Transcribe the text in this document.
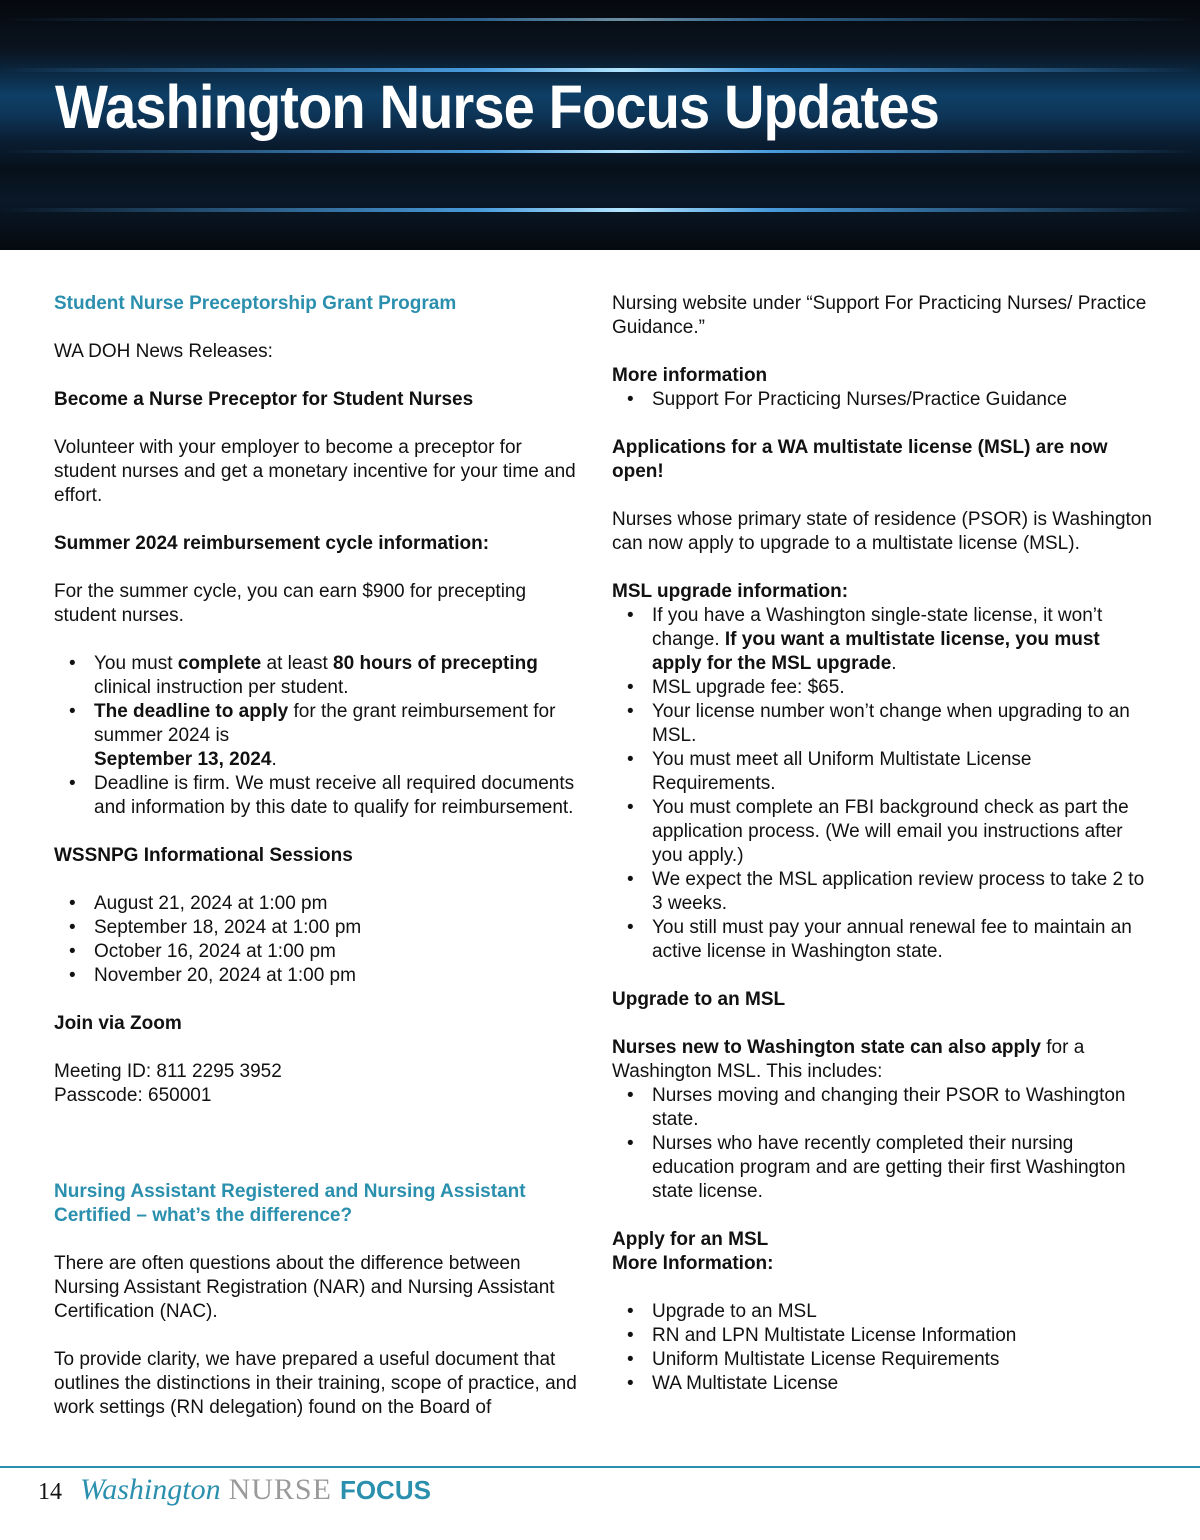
Washington Nurse Focus Updates

Student Nurse Preceptorship Grant Program

WA DOH News Releases:

Become a Nurse Preceptor for Student Nurses

Volunteer with your employer to become a preceptor for student nurses and get a monetary incentive for your time and effort.

Summer 2024 reimbursement cycle information:

For the summer cycle, you can earn $900 for precepting student nurses.

• You must complete at least 80 hours of precepting clinical instruction per student.
• The deadline to apply for the grant reimbursement for summer 2024 is
September 13, 2024.
• Deadline is firm. We must receive all required documents and information by this date to qualify for reimbursement.

WSSNPG Informational Sessions

• August 21, 2024 at 1:00 pm
• September 18, 2024 at 1:00 pm
• October 16, 2024 at 1:00 pm
• November 20, 2024 at 1:00 pm

Join via Zoom

Meeting ID: 811 2295 3952

Passcode: 650001

Nursing Assistant Registered and Nursing Assistant Certified – what’s the difference?

There are often questions about the difference between Nursing Assistant Registration (NAR) and Nursing Assistant Certification (NAC).

To provide clarity, we have prepared a useful document that outlines the distinctions in their training, scope of practice, and work settings (RN delegation) found on the Board of

Nursing website under “Support For Practicing Nurses/ Practice Guidance.”

More information

• Support For Practicing Nurses/Practice Guidance

Applications for a WA multistate license (MSL) are now open!

Nurses whose primary state of residence (PSOR) is Washington can now apply to upgrade to a multistate license (MSL).

MSL upgrade information:

• If you have a Washington single-state license, it won’t change. If you want a multistate license, you must apply for the MSL upgrade.
• MSL upgrade fee: $65.
• Your license number won’t change when upgrading to an MSL.
• You must meet all Uniform Multistate License Requirements.
• You must complete an FBI background check as part the application process. (We will email you instructions after you apply.)
• We expect the MSL application review process to take 2 to 3 weeks.
• You still must pay your annual renewal fee to maintain an active license in Washington state.

Upgrade to an MSL

Nurses new to Washington state can also apply for a Washington MSL. This includes:

• Nurses moving and changing their PSOR to Washington state.
• Nurses who have recently completed their nursing education program and are getting their first Washington state license.

Apply for an MSL

More Information:

• Upgrade to an MSL
• RN and LPN Multistate License Information
• Uniform Multistate License Requirements
• WA Multistate License
14 Washington NURSE FOCUS
